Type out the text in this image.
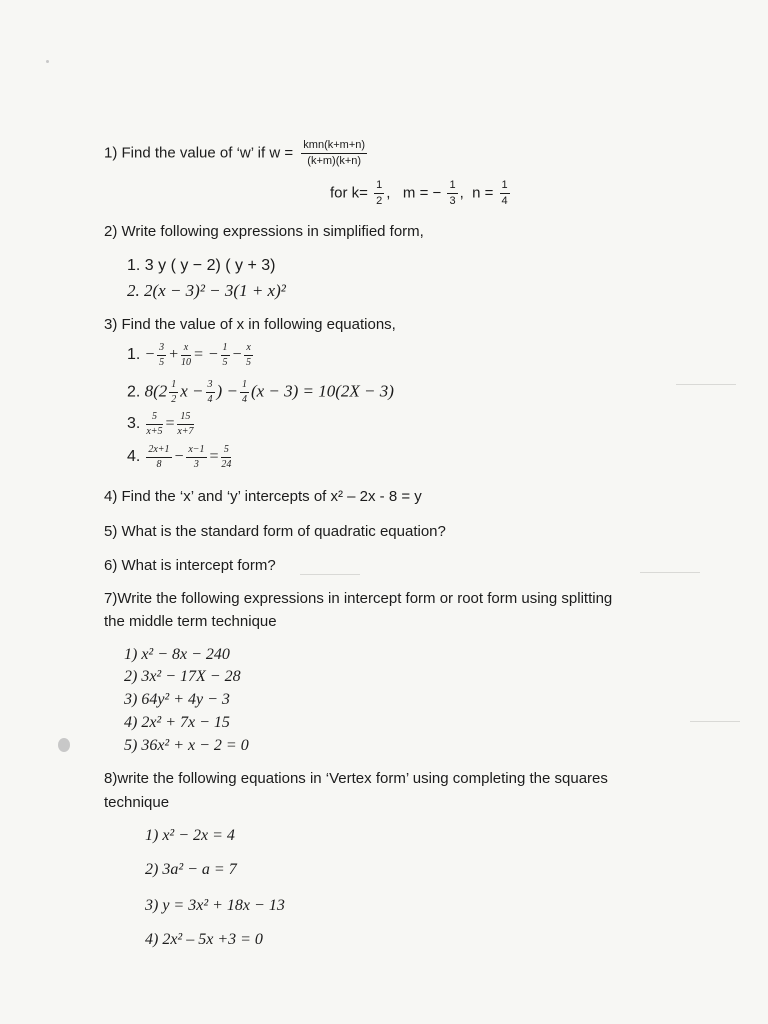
1) Find the value of ‘w’ if $w = \frac{\text{kmn(k+m+n)}}{(k+m)(k+n)}$
for $k= \frac{1}{2}$ ,   m = − $\frac{1}{3}$ ,  $n = \frac{1}{4}$
2) Write following expressions in simplified form,
1. 3 y ( y − 2) ( y + 3)
2. 2(x − 3)² − 3(1 + x)²
3) Find the value of x in following equations,
1. − $\frac{3}{5} + \frac{x}{10}$ = − $\frac{1}{5} - \frac{x}{5}$
2. $8(2 \frac{1}{2}$ $x - \frac{3}{4}$ ) − $\frac{1}{4} (x - 3) = 10(2X - 3)$
3. $\frac{5}{x+5} = \frac{15}{x+7}$
4. $\frac{2x+1}{8} - \frac{x-1}{3} = \frac{5}{24}$
4) Find the ‘x’ and ‘y’ intercepts of x² – 2x - 8 = y
5) What is the standard form of quadratic equation?
6) What is intercept form?
7)Write the following expressions in intercept form or root form using splitting
the middle term technique
1) x² − 8x − 240
2) 3x² − 17X − 28
3) 64y² + 4y − 3
4) 2x² + 7x − 15
5) 36x² + x − 2 = 0
8)write the following equations in ‘Vertex form’ using completing the squares
technique
1) x² − 2x = 4
2) 3a² − a = 7
3) y = 3x² + 18x − 13
4) 2x² – 5x +3 = 0
